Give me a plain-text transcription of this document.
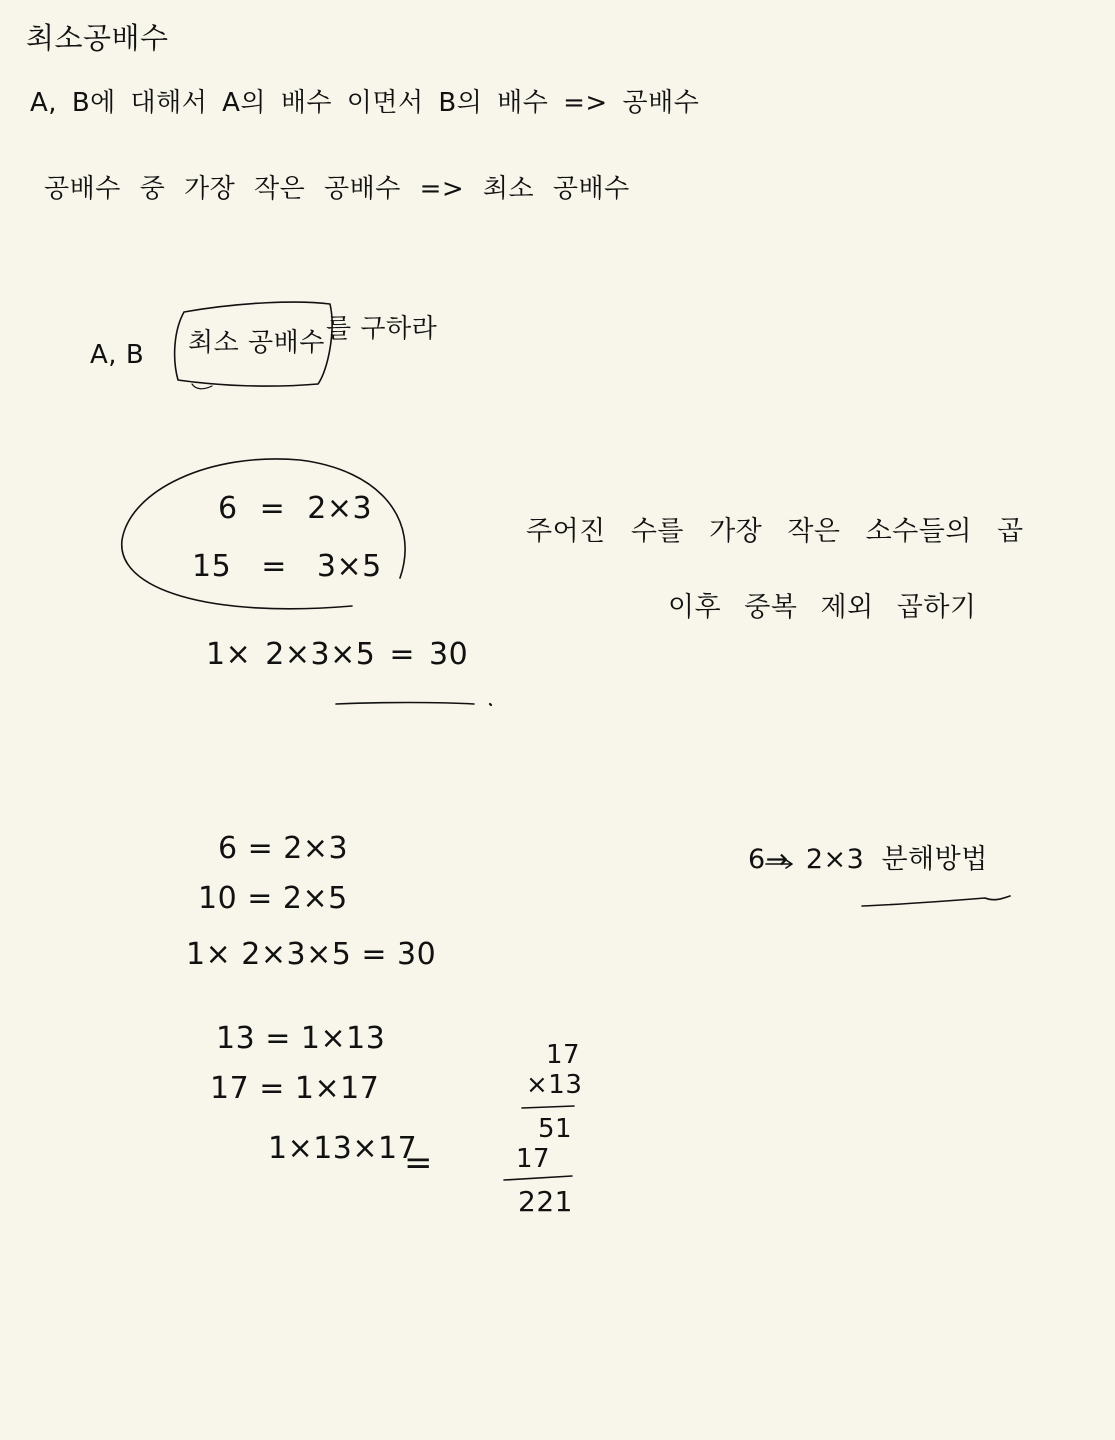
최소공배수
A, B에 대해서 A의 배수 이면서 B의 배수 => 공배수
공배수 중 가장 작은 공배수 => 최소 공배수
A, B 최소 공배수 를 구하라
6 = 2×3
15 = 3×5
1× 2×3×5 = 30
주어진 수를 가장 작은 소수들의 곱
이후 중복 제외 곱하기
6 = 2×3
10 = 2×5
1× 2×3×5 = 30
6→ 2×3 분해방법
13 = 1×13
17 = 1×17
1×13×17
=
17
×13
51
17
221
